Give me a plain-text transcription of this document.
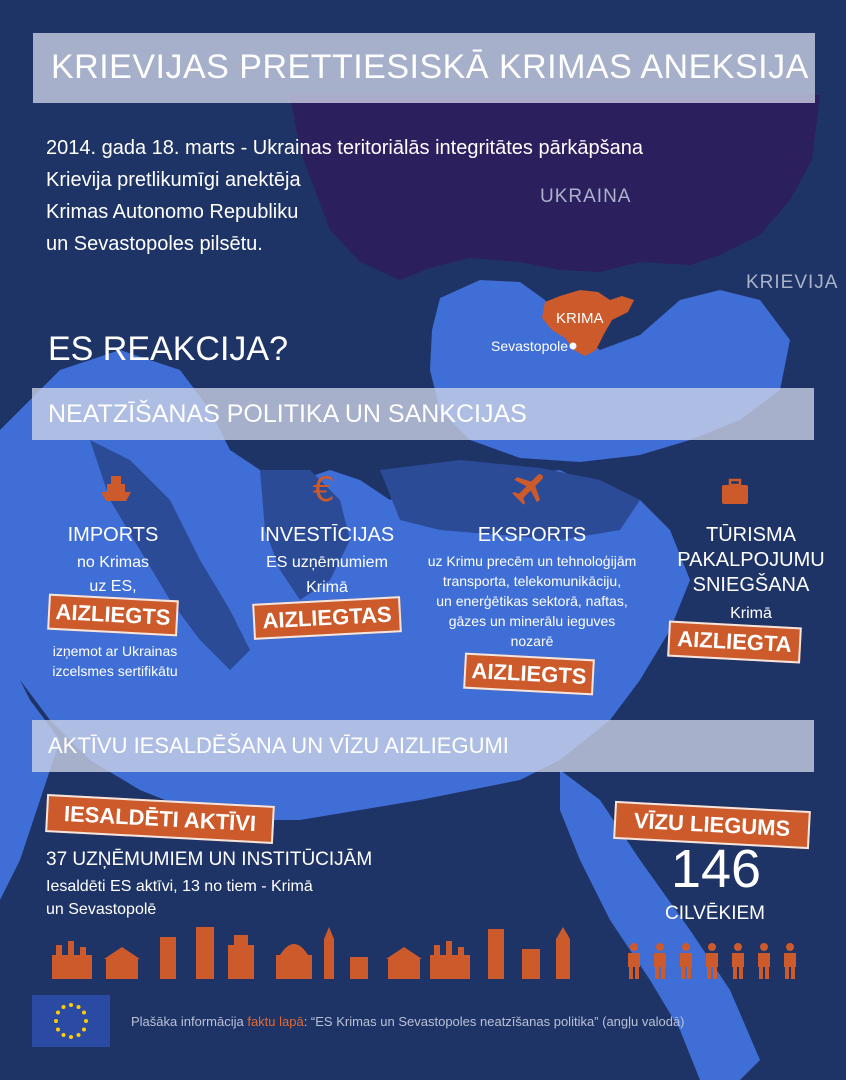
KRIEVIJAS PRETTIESISKĀ KRIMAS ANEKSIJA
2014. gada 18. marts - Ukrainas teritoriālās integritātes pārkāpšana
Krievija pretlikumīgi anektēja
Krimas Autonomo Republiku
un Sevastopoles pilsētu.
UKRAINA
KRIEVIJA
KRIMA
Sevastopole
ES REAKCIJA?
NEATZĪŠANAS POLITIKA UN SANKCIJAS
€
IMPORTS
no Krimas
uz ES,
AIZLIEGTS
izņemot ar Ukrainas
izcelsmes sertifikātu
INVESTĪCIJAS
ES uzņēmumiem
Krimā
AIZLIEGTAS
EKSPORTS
uz Krimu precēm un tehnoloģijām
transporta, telekomunikāciju,
un enerģētikas sektorā, naftas,
gāzes un minerālu ieguves
nozarē
AIZLIEGTS
TŪRISMA
PAKALPOJUMU
SNIEGŠANA
Krimā
AIZLIEGTA
AKTĪVU IESALDĒŠANA UN VĪZU AIZLIEGUMI
IESALDĒTI AKTĪVI
37 UZŅĒMUMIEM UN INSTITŪCIJĀM
Iesaldēti ES aktīvi, 13 no tiem - Krimā
un Sevastopolē
VĪZU LIEGUMS
146
CILVĒKIEM
Plašāka informācija faktu lapā: “ES Krimas un Sevastopoles neatzīšanas politika” (angļu valodā)
